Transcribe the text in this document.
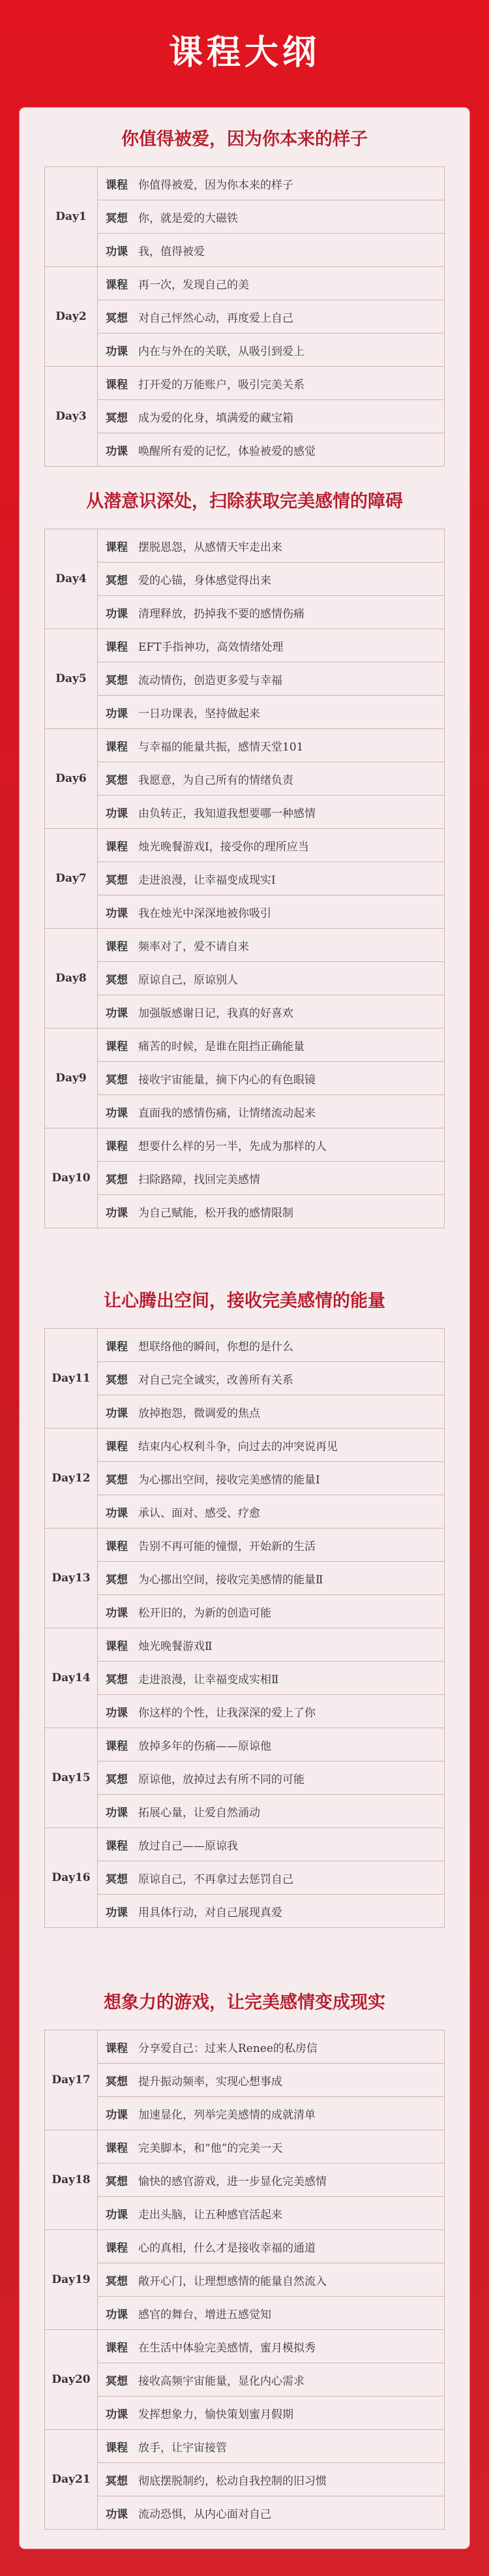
课程大纲
你值得被爱，因为你本来的样子
Day1	课程	你值得被爱，因为你本来的样子
	冥想	你，就是爱的大磁铁
	功课	我，值得被爱
Day2	课程	再一次，发现自己的美
	冥想	对自己怦然心动，再度爱上自己
	功课	内在与外在的关联，从吸引到爱上
Day3	课程	打开爱的万能账户，吸引完美关系
	冥想	成为爱的化身，填满爱的藏宝箱
	功课	唤醒所有爱的记忆，体验被爱的感觉
从潜意识深处，扫除获取完美感情的障碍
Day4	课程	摆脱恩怨，从感情天牢走出来
	冥想	爱的心锚，身体感觉得出来
	功课	清理释放，扔掉我不要的感情伤痛
Day5	课程	EFT手指神功，高效情绪处理
	冥想	流动情伤，创造更多爱与幸福
	功课	一日功课表，坚持做起来
Day6	课程	与幸福的能量共振，感情天堂101
	冥想	我愿意，为自己所有的情绪负责
	功课	由负转正，我知道我想要哪一种感情
Day7	课程	烛光晚餐游戏Ⅰ，接受你的理所应当
	冥想	走进浪漫，让幸福变成现实Ⅰ
	功课	我在烛光中深深地被你吸引
Day8	课程	频率对了，爱不请自来
	冥想	原谅自己，原谅别人
	功课	加强版感谢日记，我真的好喜欢
Day9	课程	痛苦的时候，是谁在阻挡正确能量
	冥想	接收宇宙能量，摘下内心的有色眼镜
	功课	直面我的感情伤痛，让情绪流动起来
Day10	课程	想要什么样的另一半，先成为那样的人
	冥想	扫除路障，找回完美感情
	功课	为自己赋能，松开我的感情限制
让心腾出空间，接收完美感情的能量
Day11	课程	想联络他的瞬间，你想的是什么
	冥想	对自己完全诚实，改善所有关系
	功课	放掉抱怨，微调爱的焦点
Day12	课程	结束内心权利斗争，向过去的冲突说再见
	冥想	为心挪出空间，接收完美感情的能量Ⅰ
	功课	承认、面对、感受、疗愈
Day13	课程	告别不再可能的憧憬，开始新的生活
	冥想	为心挪出空间，接收完美感情的能量Ⅱ
	功课	松开旧的，为新的创造可能
Day14	课程	烛光晚餐游戏Ⅱ
	冥想	走进浪漫，让幸福变成实相Ⅱ
	功课	你这样的个性，让我深深的爱上了你
Day15	课程	放掉多年的伤痛——原谅他
	冥想	原谅他，放掉过去有所不同的可能
	功课	拓展心量，让爱自然涌动
Day16	课程	放过自己——原谅我
	冥想	原谅自己，不再拿过去惩罚自己
	功课	用具体行动，对自己展现真爱
想象力的游戏，让完美感情变成现实
Day17	课程	分享爱自己：过来人Renee的私房信
	冥想	提升振动频率，实现心想事成
	功课	加速显化，列举完美感情的成就清单
Day18	课程	完美脚本，和“他”的完美一天
	冥想	愉快的感官游戏，进一步显化完美感情
	功课	走出头脑，让五种感官活起来
Day19	课程	心的真相，什么才是接收幸福的通道
	冥想	敞开心门，让理想感情的能量自然流入
	功课	感官的舞台，增进五感觉知
Day20	课程	在生活中体验完美感情，蜜月模拟秀
	冥想	接收高频宇宙能量，显化内心需求
	功课	发挥想象力，愉快策划蜜月假期
Day21	课程	放手，让宇宙接管
	冥想	彻底摆脱制约，松动自我控制的旧习惯
	功课	流动恐惧，从内心面对自己
